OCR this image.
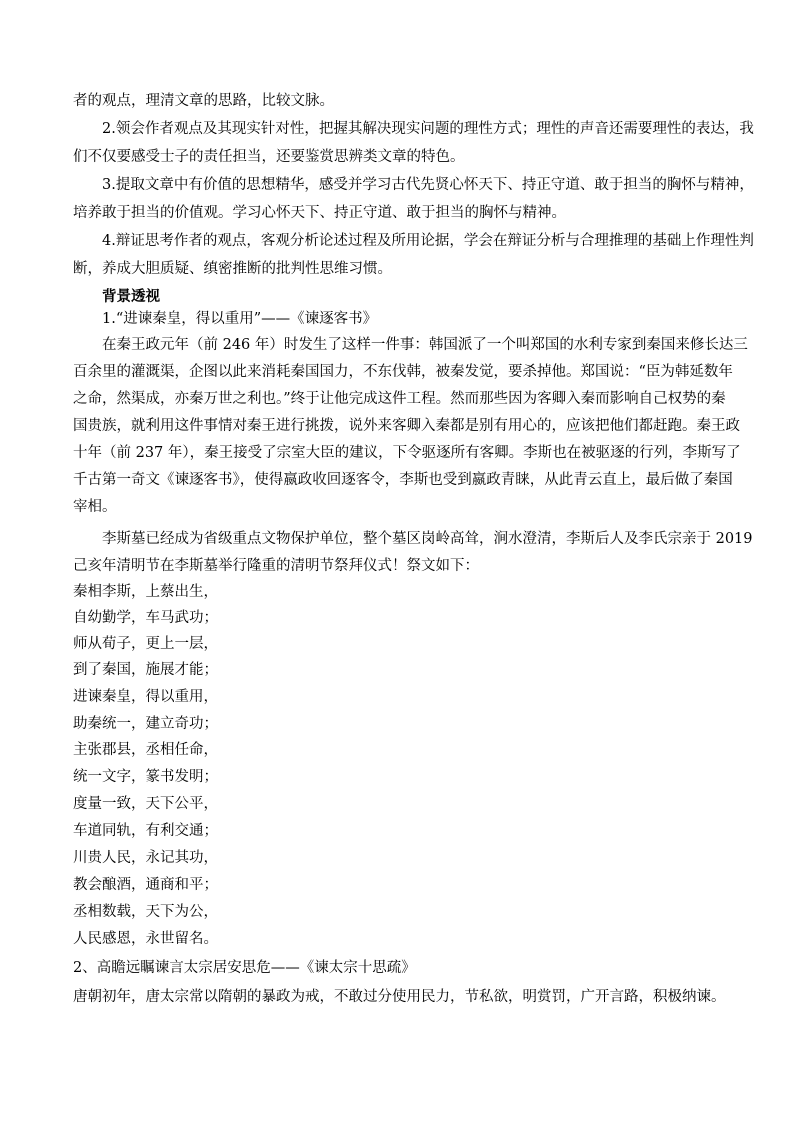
者的观点，理清文章的思路，比较文脉。
2.领会作者观点及其现实针对性，把握其解决现实问题的理性方式；理性的声音还需要理性的表达，我
们不仅要感受士子的责任担当，还要鉴赏思辨类文章的特色。
3.提取文章中有价值的思想精华，感受并学习古代先贤心怀天下、持正守道、敢于担当的胸怀与精神，
培养敢于担当的价值观。学习心怀天下、持正守道、敢于担当的胸怀与精神。
4.辩证思考作者的观点，客观分析论述过程及所用论据，学会在辩证分析与合理推理的基础上作理性判
断，养成大胆质疑、缜密推断的批判性思维习惯。
背景透视
1.“进谏秦皇，得以重用”——《谏逐客书》
在秦王政元年（前 246 年）时发生了这样一件事：韩国派了一个叫郑国的水利专家到秦国来修长达三
百余里的灌溉渠，企图以此来消耗秦国国力，不东伐韩，被秦发觉，要杀掉他。郑国说：“臣为韩延数年
之命，然渠成，亦秦万世之利也。”终于让他完成这件工程。然而那些因为客卿入秦而影响自己权势的秦
国贵族，就利用这件事情对秦王进行挑拨，说外来客卿入秦都是别有用心的，应该把他们都赶跑。秦王政
十年（前 237 年），秦王接受了宗室大臣的建议，下令驱逐所有客卿。李斯也在被驱逐的行列，李斯写了
千古第一奇文《谏逐客书》，使得嬴政收回逐客令，李斯也受到嬴政青睐，从此青云直上，最后做了秦国
宰相。
李斯墓已经成为省级重点文物保护单位，整个墓区岗岭高耸，涧水澄清，李斯后人及李氏宗亲于 2019
己亥年清明节在李斯墓举行隆重的清明节祭拜仪式！祭文如下：
秦相李斯，上蔡出生，
自幼勤学，车马武功；
师从荀子，更上一层，
到了秦国，施展才能；
进谏秦皇，得以重用，
助秦统一，建立奇功；
主张郡县，丞相任命，
统一文字，篆书发明；
度量一致，天下公平，
车道同轨，有利交通；
川贵人民，永记其功，
教会酿酒，通商和平；
丞相数载，天下为公，
人民感恩，永世留名。
2、高瞻远瞩谏言太宗居安思危——《谏太宗十思疏》
唐朝初年，唐太宗常以隋朝的暴政为戒，不敢过分使用民力，节私欲，明赏罚，广开言路，积极纳谏。
